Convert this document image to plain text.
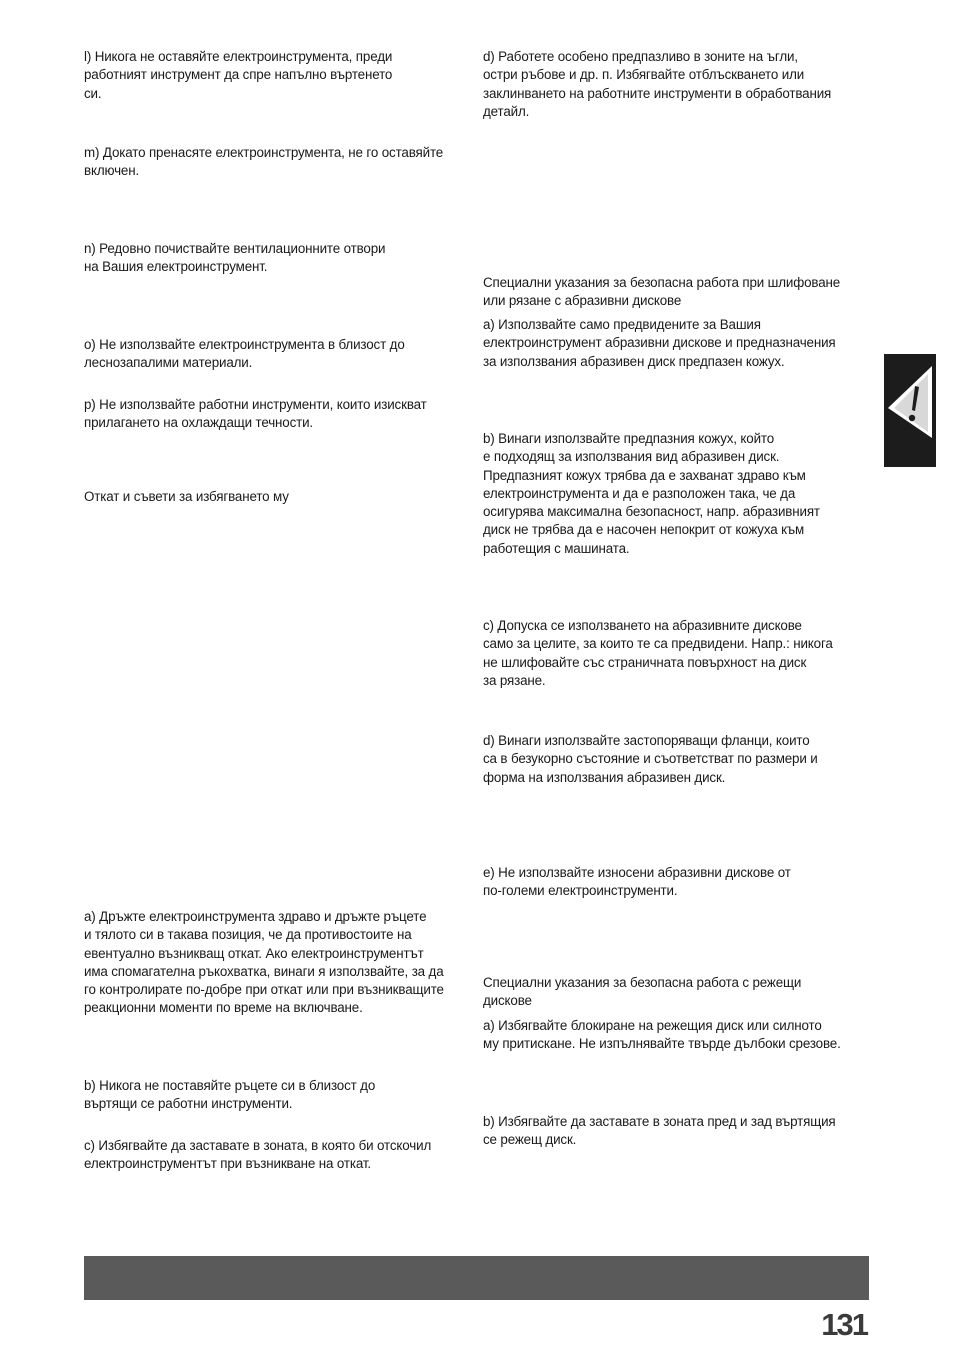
l) Никога не оставяйте електроинструмента, преди
работният инструмент да спре напълно въртенето
си.

m) Докато пренасяте електроинструмента, не го оставяйте
включен.

n) Редовно почиствайте вентилационните отвори
на Вашия електроинструмент.

o) Не използвайте електроинструмента в близост до
леснозапалими материали.

p) Не използвайте работни инструменти, които изискват
прилагането на охлаждащи течности.

Откат и съвети за избягването му

a) Дръжте електроинструмента здраво и дръжте ръцете
и тялото си в такава позиция, че да противостоите на
евентуално възникващ откат. Ако електроинструментът
има спомагателна ръкохватка, винаги я използвайте, за да
го контролирате по-добре при откат или при възникващите
реакционни моменти по време на включване.

b) Никога не поставяйте ръцете си в близост до
въртящи се работни инструменти.

c) Избягвайте да заставате в зоната, в която би отскочил
електроинструментът при възникване на откат.

d) Работете особено предпазливо в зоните на ъгли,
остри ръбове и др. п. Избягвайте отблъскването или
заклинването на работните инструменти в обработвания
детайл.

Специални указания за безопасна работа при шлифоване
или рязане с абразивни дискове

a) Използвайте само предвидените за Вашия
електроинструмент абразивни дискове и предназначения
за използвания абразивен диск предпазен кожух.

b) Винаги използвайте предпазния кожух, който
е подходящ за използвания вид абразивен диск.
Предпазният кожух трябва да е захванат здраво към
електроинструмента и да е разположен така, че да
осигурява максимална безопасност, напр. абразивният
диск не трябва да е насочен непокрит от кожуха към
работещия с машината.

c) Допуска се използването на абразивните дискове
само за целите, за които те са предвидени. Напр.: никога
не шлифовайте със страничната повърхност на диск
за рязане.

d) Винаги използвайте застопоряващи фланци, които
са в безукорно състояние и съответстват по размери и
форма на използвания абразивен диск.

e) Не използвайте износени абразивни дискове от
по-големи електроинструменти.

Специални указания за безопасна работа с режещи
дискове

a) Избягвайте блокиране на режещия диск или силното
му притискане. Не изпълнявайте твърде дълбоки срезове.

b) Избягвайте да заставате в зоната пред и зад въртящия
се режещ диск.

131
